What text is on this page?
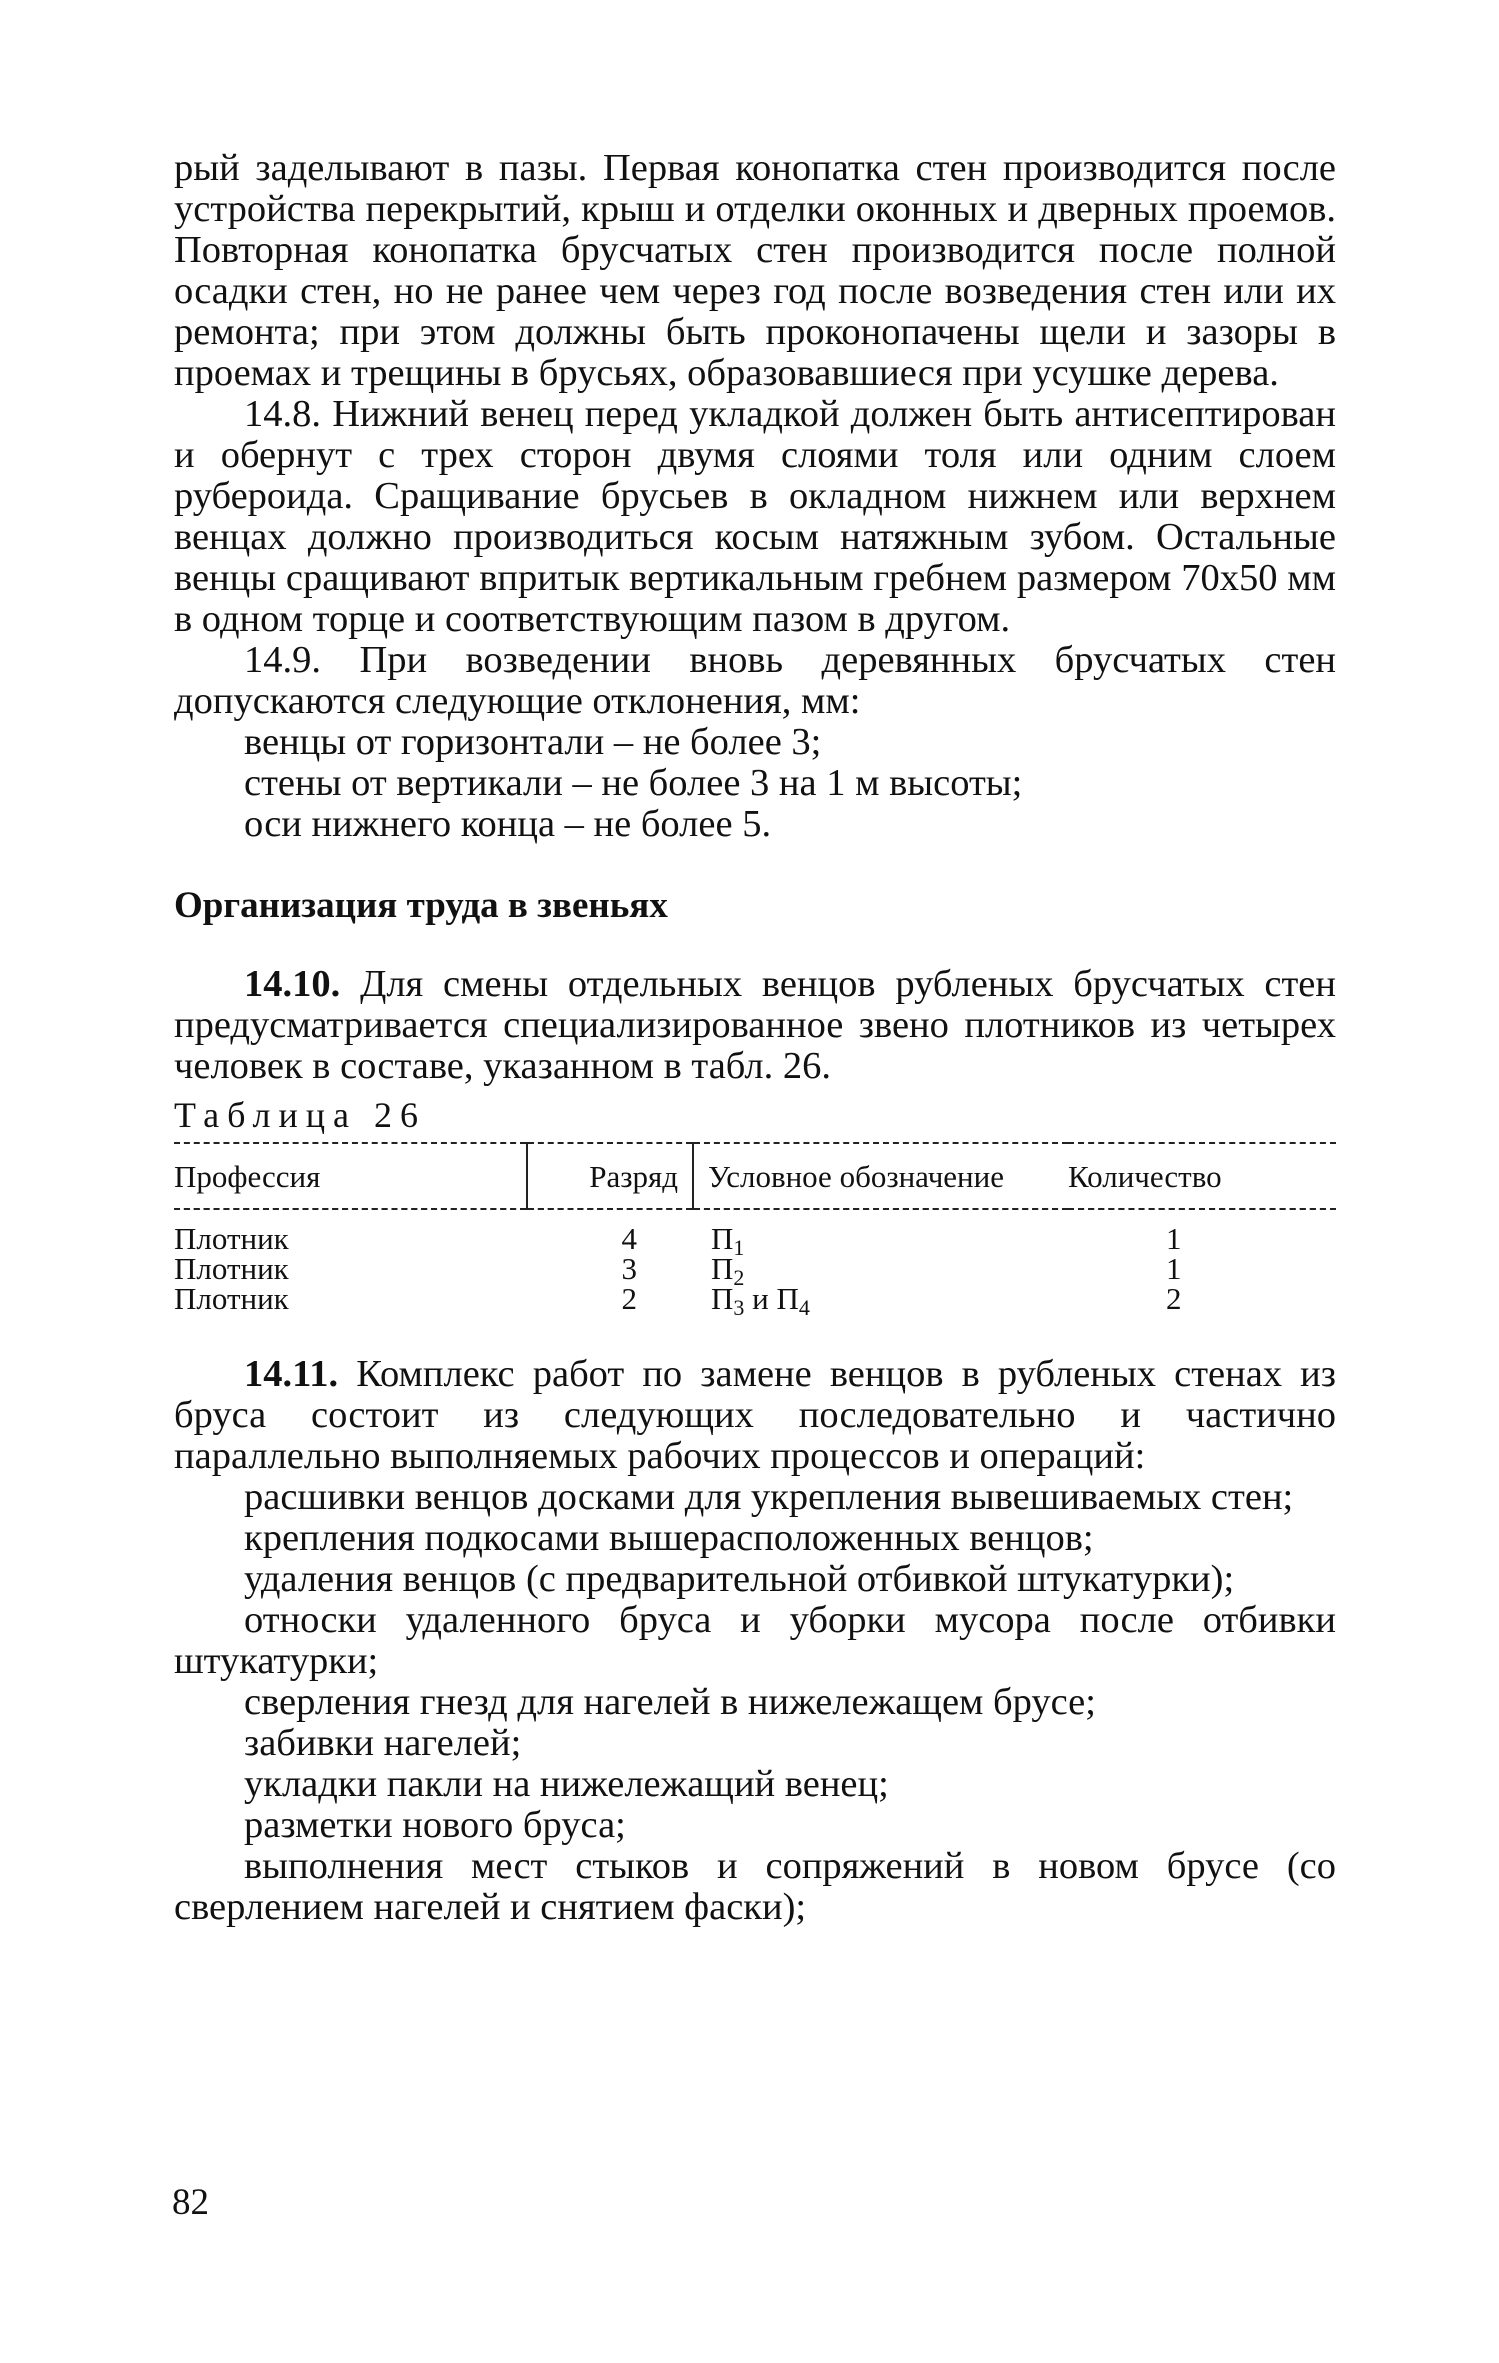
рый заделывают в пазы. Первая конопатка стен производится после устройства перекрытий, крыш и отделки оконных и дверных проемов. Повторная конопатка брусчатых стен производится после полной осадки стен, но не ранее чем через год после возведения стен или их ремонта; при этом должны быть проконопачены щели и зазоры в проемах и трещины в брусьях, образовавшиеся при усушке дерева.

14.8. Нижний венец перед укладкой должен быть антисептирован и обернут с трех сторон двумя слоями толя или одним слоем рубероида. Сращивание брусьев в окладном нижнем или верхнем венцах должно производиться косым натяжным зубом. Остальные венцы сращивают впритык вертикальным гребнем размером 70х50 мм в одном торце и соответствующим пазом в другом.

14.9. При возведении вновь деревянных брусчатых стен допускаются следующие отклонения, мм:

венцы от горизонтали – не более 3;

стены от вертикали – не более 3 на 1 м высоты;

оси нижнего конца – не более 5.

Организация труда в звеньях

14.10. Для смены отдельных венцов рубленых брусчатых стен предусматривается специализированное звено плотников из четырех человек в составе, указанном в табл. 26.

Таблица 26

Профессия	Разряд	Условное обозначение	Количество
Плотник	4	$П_1$	1
Плотник	3	$П_2$	1
Плотник	2	$П_3$ и $П_4$	2

14.11. Комплекс работ по замене венцов в рубленых стенах из бруса состоит из следующих последовательно и частично параллельно выполняемых рабочих процессов и операций:

расшивки венцов досками для укрепления вывешиваемых стен;

крепления подкосами вышерасположенных венцов;

удаления венцов (с предварительной отбивкой штукатурки);

относки удаленного бруса и уборки мусора после отбивки штукатурки;

сверления гнезд для нагелей в нижележащем брусе;

забивки нагелей;

укладки пакли на нижележащий венец;

разметки нового бруса;

выполнения мест стыков и сопряжений в новом брусе (со сверлением нагелей и снятием фаски);

82
